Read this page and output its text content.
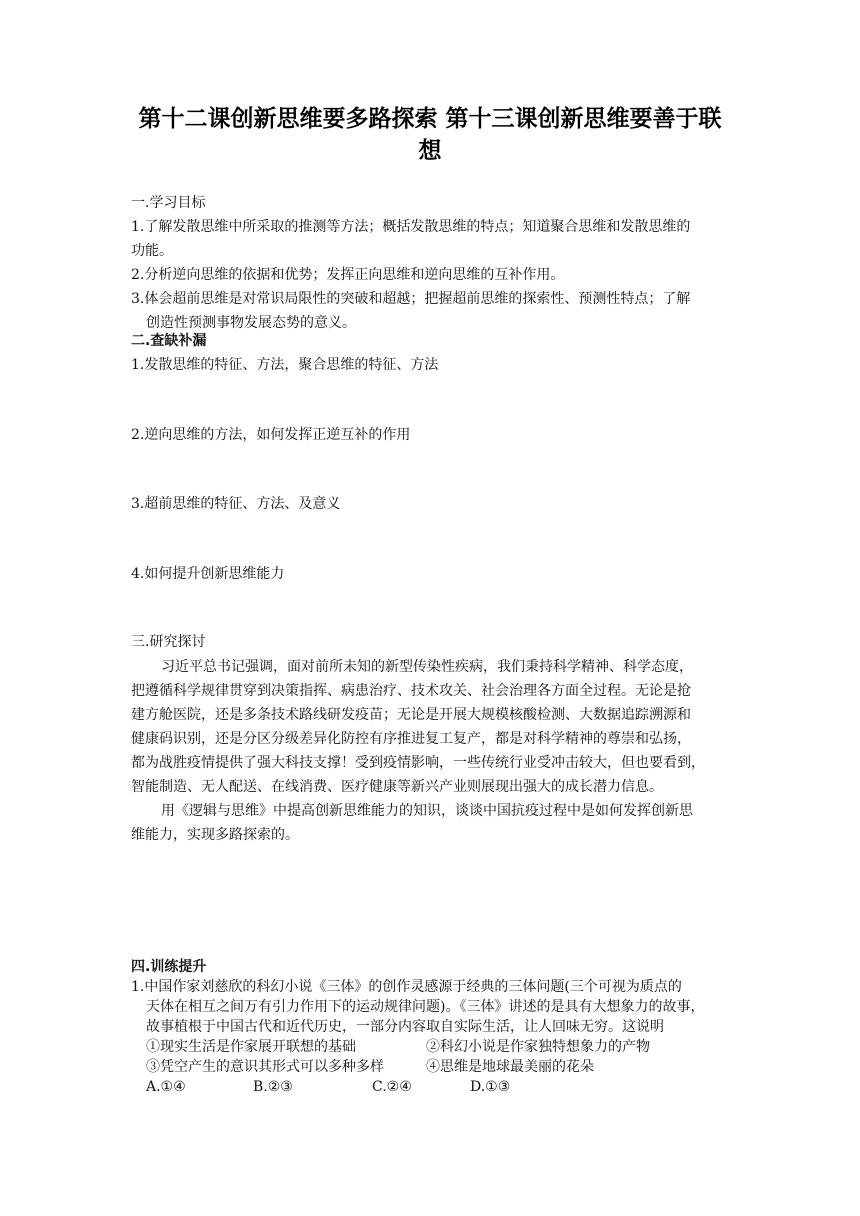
第十二课创新思维要多路探索 第十三课创新思维要善于联
想
一.学习目标
1.了解发散思维中所采取的推测等方法；概括发散思维的特点；知道聚合思维和发散思维的
功能。
2.分析逆向思维的依据和优势；发挥正向思维和逆向思维的互补作用。
3.体会超前思维是对常识局限性的突破和超越；把握超前思维的探索性、预测性特点；了解
创造性预测事物发展态势的意义。
二.查缺补漏
1.发散思维的特征、方法，聚合思维的特征、方法
2.逆向思维的方法，如何发挥正逆互补的作用
3.超前思维的特征、方法、及意义
4.如何提升创新思维能力
三.研究探讨
习近平总书记强调，面对前所未知的新型传染性疾病，我们秉持科学精神、科学态度，
把遵循科学规律贯穿到决策指挥、病患治疗、技术攻关、社会治理各方面全过程。无论是抢
建方舱医院，还是多条技术路线研发疫苗；无论是开展大规模核酸检测、大数据追踪溯源和
健康码识别，还是分区分级差异化防控有序推进复工复产，都是对科学精神的尊崇和弘扬，
都为战胜疫情提供了强大科技支撑！受到疫情影响，一些传统行业受冲击较大，但也要看到，
智能制造、无人配送、在线消费、医疗健康等新兴产业则展现出强大的成长潜力信息。
用《逻辑与思维》中提高创新思维能力的知识，谈谈中国抗疫过程中是如何发挥创新思
维能力，实现多路探索的。
四.训练提升
1.中国作家刘慈欣的科幻小说《三体》的创作灵感源于经典的三体问题(三个可视为质点的
天体在相互之间万有引力作用下的运动规律问题)。《三体》讲述的是具有大想象力的故事，
故事植根于中国古代和近代历史，一部分内容取自实际生活，让人回味无穷。这说明
①现实生活是作家展开联想的基础	②科幻小说是作家独特想象力的产物
③凭空产生的意识其形式可以多种多样	④思维是地球最美丽的花朵
A.①④	B.②③	C.②④	D.①③
